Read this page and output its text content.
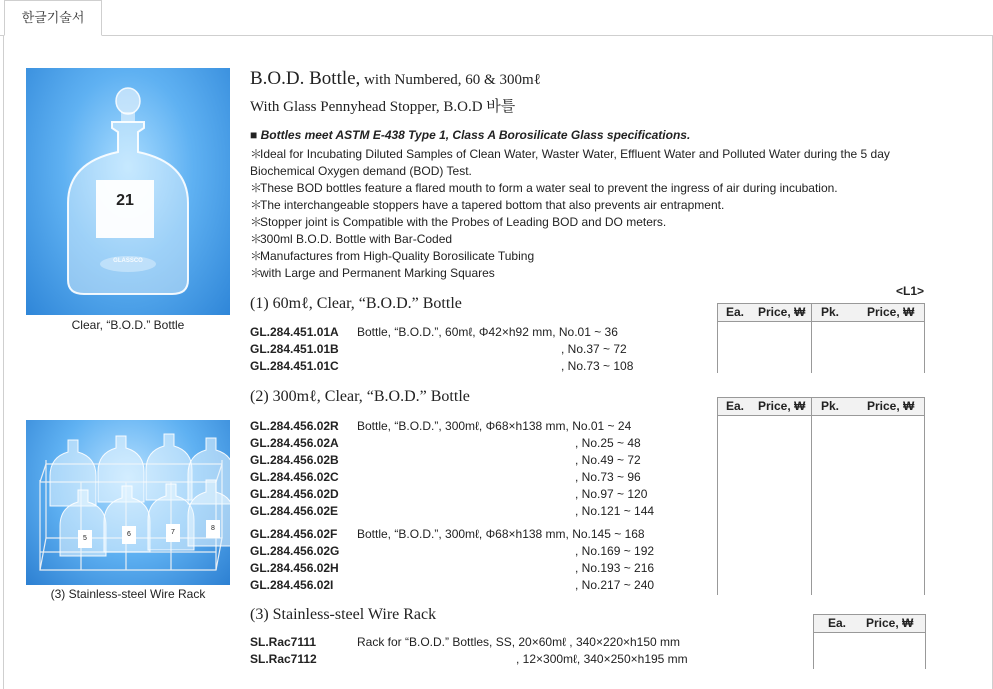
한글기술서
21
GLASSCO
Clear, “B.O.D.” Bottle
5
6	7
8
(3) Stainless-steel Wire Rack
B.O.D. Bottle, with Numbered, 60 & 300mℓ
With Glass Pennyhead Stopper, B.O.D 바틀
■ Bottles meet ASTM E-438 Type 1, Class A Borosilicate Glass specifications.
＊Ideal for Incubating Diluted Samples of Clean Water, Waster Water, Effluent Water and Polluted Water during the 5 day
Biochemical Oxygen demand (BOD) Test.
＊These BOD bottles feature a flared mouth to form a water seal to prevent the ingress of air during incubation.
＊The interchangeable stoppers have a tapered bottom that also prevents air entrapment.
＊Stopper joint is Compatible with the Probes of Leading BOD and DO meters.
＊300ml B.O.D. Bottle with Bar-Coded
＊Manufactures from High-Quality Borosilicate Tubing
＊with Large and Permanent Marking Squares
<L1>
(1) 60mℓ, Clear, “B.O.D.” Bottle	Ea. Price, ₩ Pk. Price, ₩
GL.284.451.01A Bottle, “B.O.D.”, 60mℓ, Φ42×h92 mm, No.01 ~ 36
GL.284.451.01B	, No.37 ~ 72
GL.284.451.01C	, No.73 ~ 108
(2) 300mℓ, Clear, “B.O.D.” Bottle
Ea. Price, ₩ Pk. Price, ₩
GL.284.456.02R Bottle, “B.O.D.”, 300mℓ, Φ68×h138 mm, No.01 ~ 24
GL.284.456.02A	, No.25 ~ 48
GL.284.456.02B	, No.49 ~ 72
GL.284.456.02C	, No.73 ~ 96
GL.284.456.02D	, No.97 ~ 120
GL.284.456.02E	, No.121 ~ 144
GL.284.456.02F Bottle, “B.O.D.”, 300mℓ, Φ68×h138 mm, No.145 ~ 168
GL.284.456.02G	, No.169 ~ 192
GL.284.456.02H	, No.193 ~ 216
GL.284.456.02I	, No.217 ~ 240
(3) Stainless-steel Wire Rack	Ea. Price, ₩
SL.Rac7111	Rack for “B.O.D.” Bottles, SS, 20×60mℓ , 340×220×h150 mm
SL.Rac7112	, 12×300mℓ, 340×250×h195 mm
